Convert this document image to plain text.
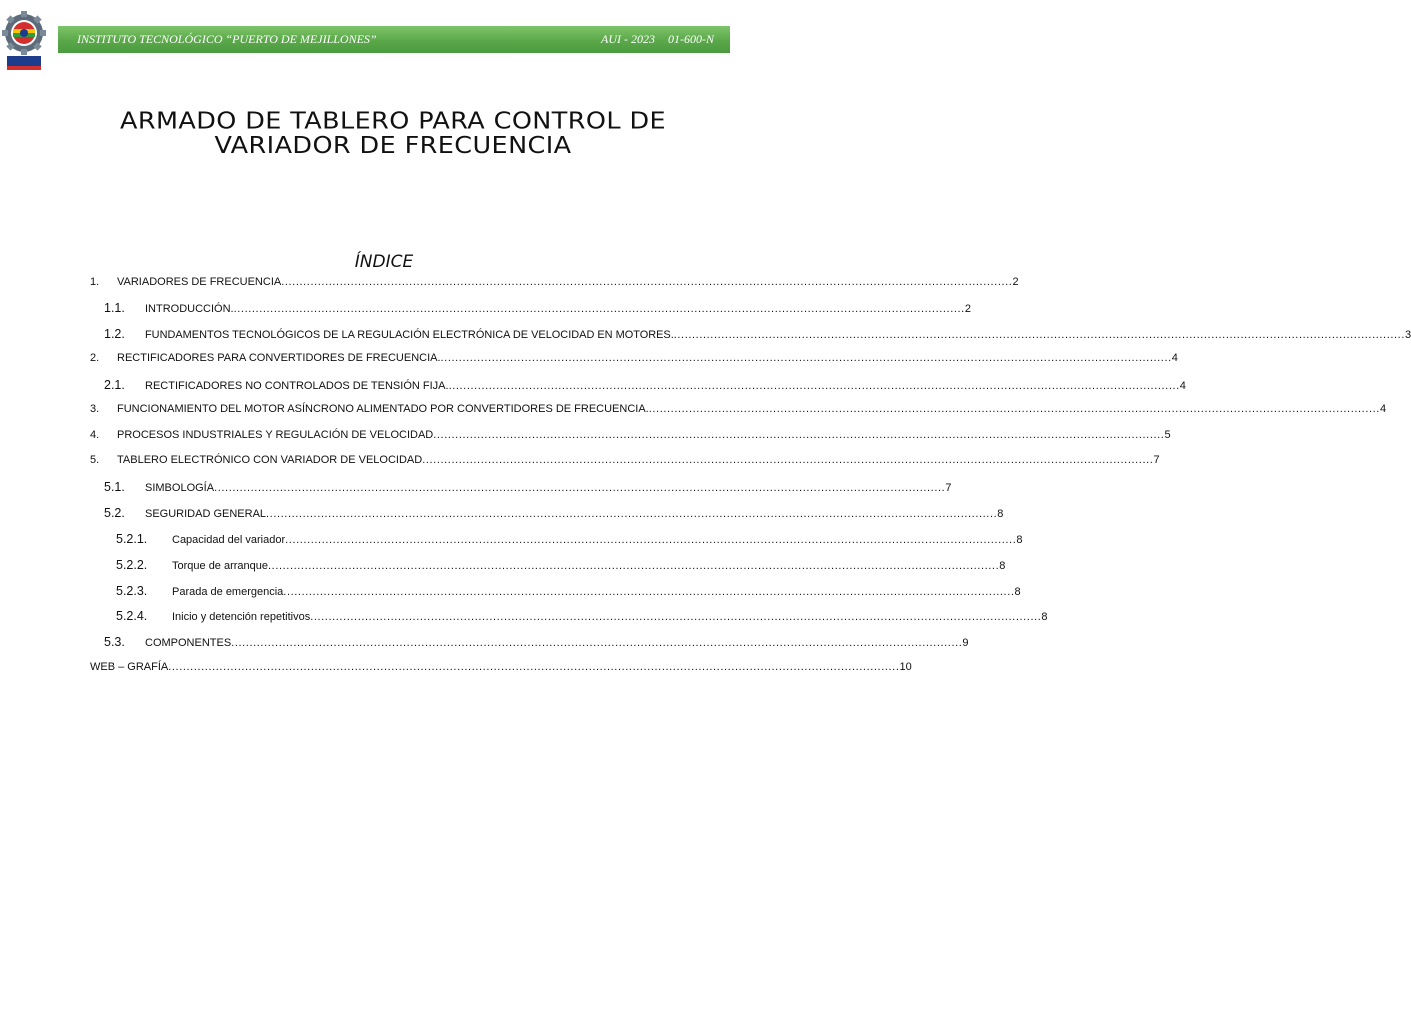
INSTITUTO TECNOLÓGICO “PUERTO DE MEJILLONES”	AUI - 2023 01-600-N
ARMADO DE TABLERO PARA CONTROL DE
VARIADOR DE FRECUENCIA
ÍNDICE
1.	VARIADORES DE FRECUENCIA ........................................................................................................................................................................................................ 2
1.1.	INTRODUCCIÓN. ........................................................................................................................................................................................................ 2
1.2.	FUNDAMENTOS TECNOLÓGICOS DE LA REGULACIÓN ELECTRÓNICA DE VELOCIDAD EN MOTORES. ........................................................................................................................................................................................................ 3
2.	RECTIFICADORES PARA CONVERTIDORES DE FRECUENCIA. ........................................................................................................................................................................................................ 4
2.1.	RECTIFICADORES NO CONTROLADOS DE TENSIÓN FIJA. ........................................................................................................................................................................................................ 4
3.	FUNCIONAMIENTO DEL MOTOR ASÍNCRONO ALIMENTADO POR CONVERTIDORES DE FRECUENCIA. ........................................................................................................................................................................................................ 4
4.	PROCESOS INDUSTRIALES Y REGULACIÓN DE VELOCIDAD ........................................................................................................................................................................................................ 5
5.	TABLERO ELECTRÓNICO CON VARIADOR DE VELOCIDAD ........................................................................................................................................................................................................ 7
5.1.	SIMBOLOGÍA ........................................................................................................................................................................................................ 7
5.2.	SEGURIDAD GENERAL ........................................................................................................................................................................................................ 8
5.2.1.	Capacidad del variador ........................................................................................................................................................................................................ 8
5.2.2.	Torque de arranque ........................................................................................................................................................................................................ 8
5.2.3.	Parada de emergencia ........................................................................................................................................................................................................ 8
5.2.4.	Inicio y detención repetitivos ........................................................................................................................................................................................................ 8
5.3.	COMPONENTES ........................................................................................................................................................................................................ 9
WEB – GRAFÍA ........................................................................................................................................................................................................ 10
